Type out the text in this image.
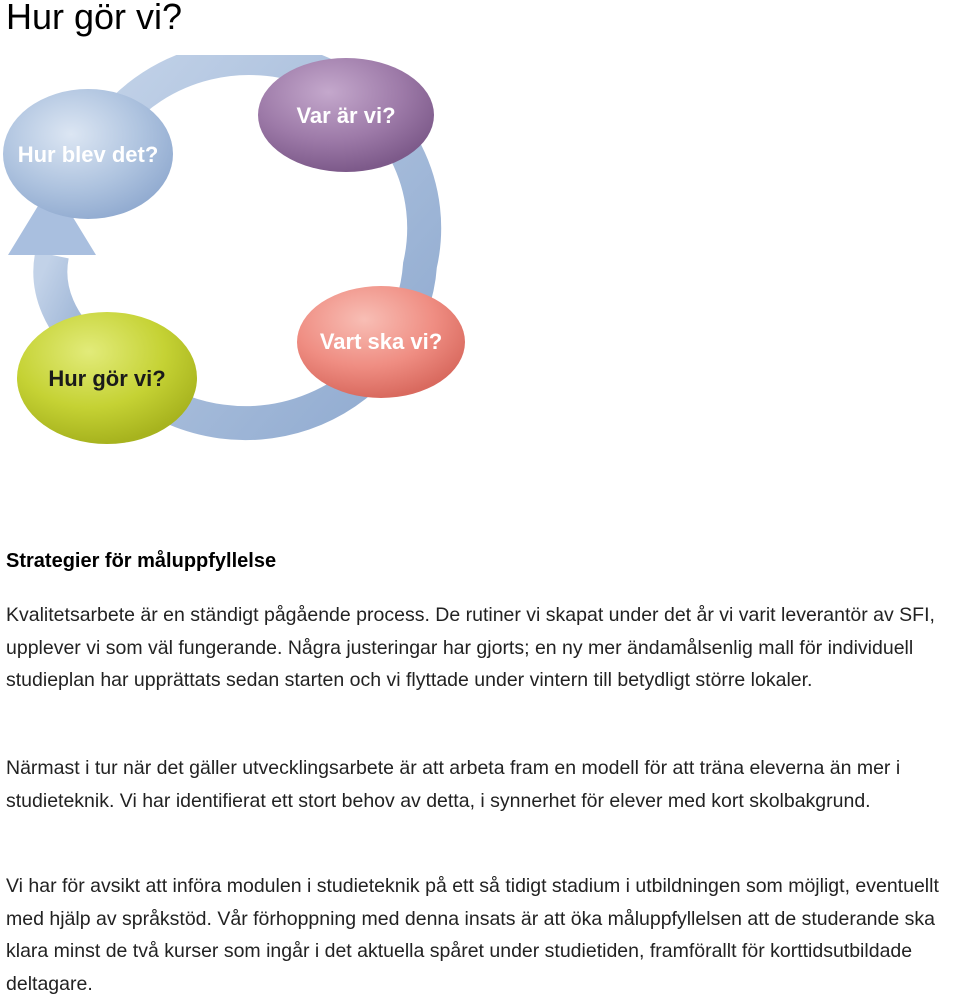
Hur gör vi?
Hur blev det?
Var är vi?
Vart ska vi?
Hur gör vi?
Strategier för måluppfyllelse

Kvalitetsarbete är en ständigt pågående process. De rutiner vi skapat under det år vi varit leverantör av SFI, upplever vi som väl fungerande. Några justeringar har gjorts; en ny mer ändamålsenlig mall för individuell studieplan har upprättats sedan starten och vi flyttade under vintern till betydligt större lokaler.

Närmast i tur när det gäller utvecklingsarbete är att arbeta fram en modell för att träna eleverna än mer i studieteknik. Vi har identifierat ett stort behov av detta, i synnerhet för elever med kort skolbakgrund.

Vi har för avsikt att införa modulen i studieteknik på ett så tidigt stadium i utbildningen som möjligt, eventuellt med hjälp av språkstöd. Vår förhoppning med denna insats är att öka måluppfyllelsen att de studerande ska klara minst de två kurser som ingår i det aktuella spåret under studietiden, framförallt för korttidsutbildade deltagare.
